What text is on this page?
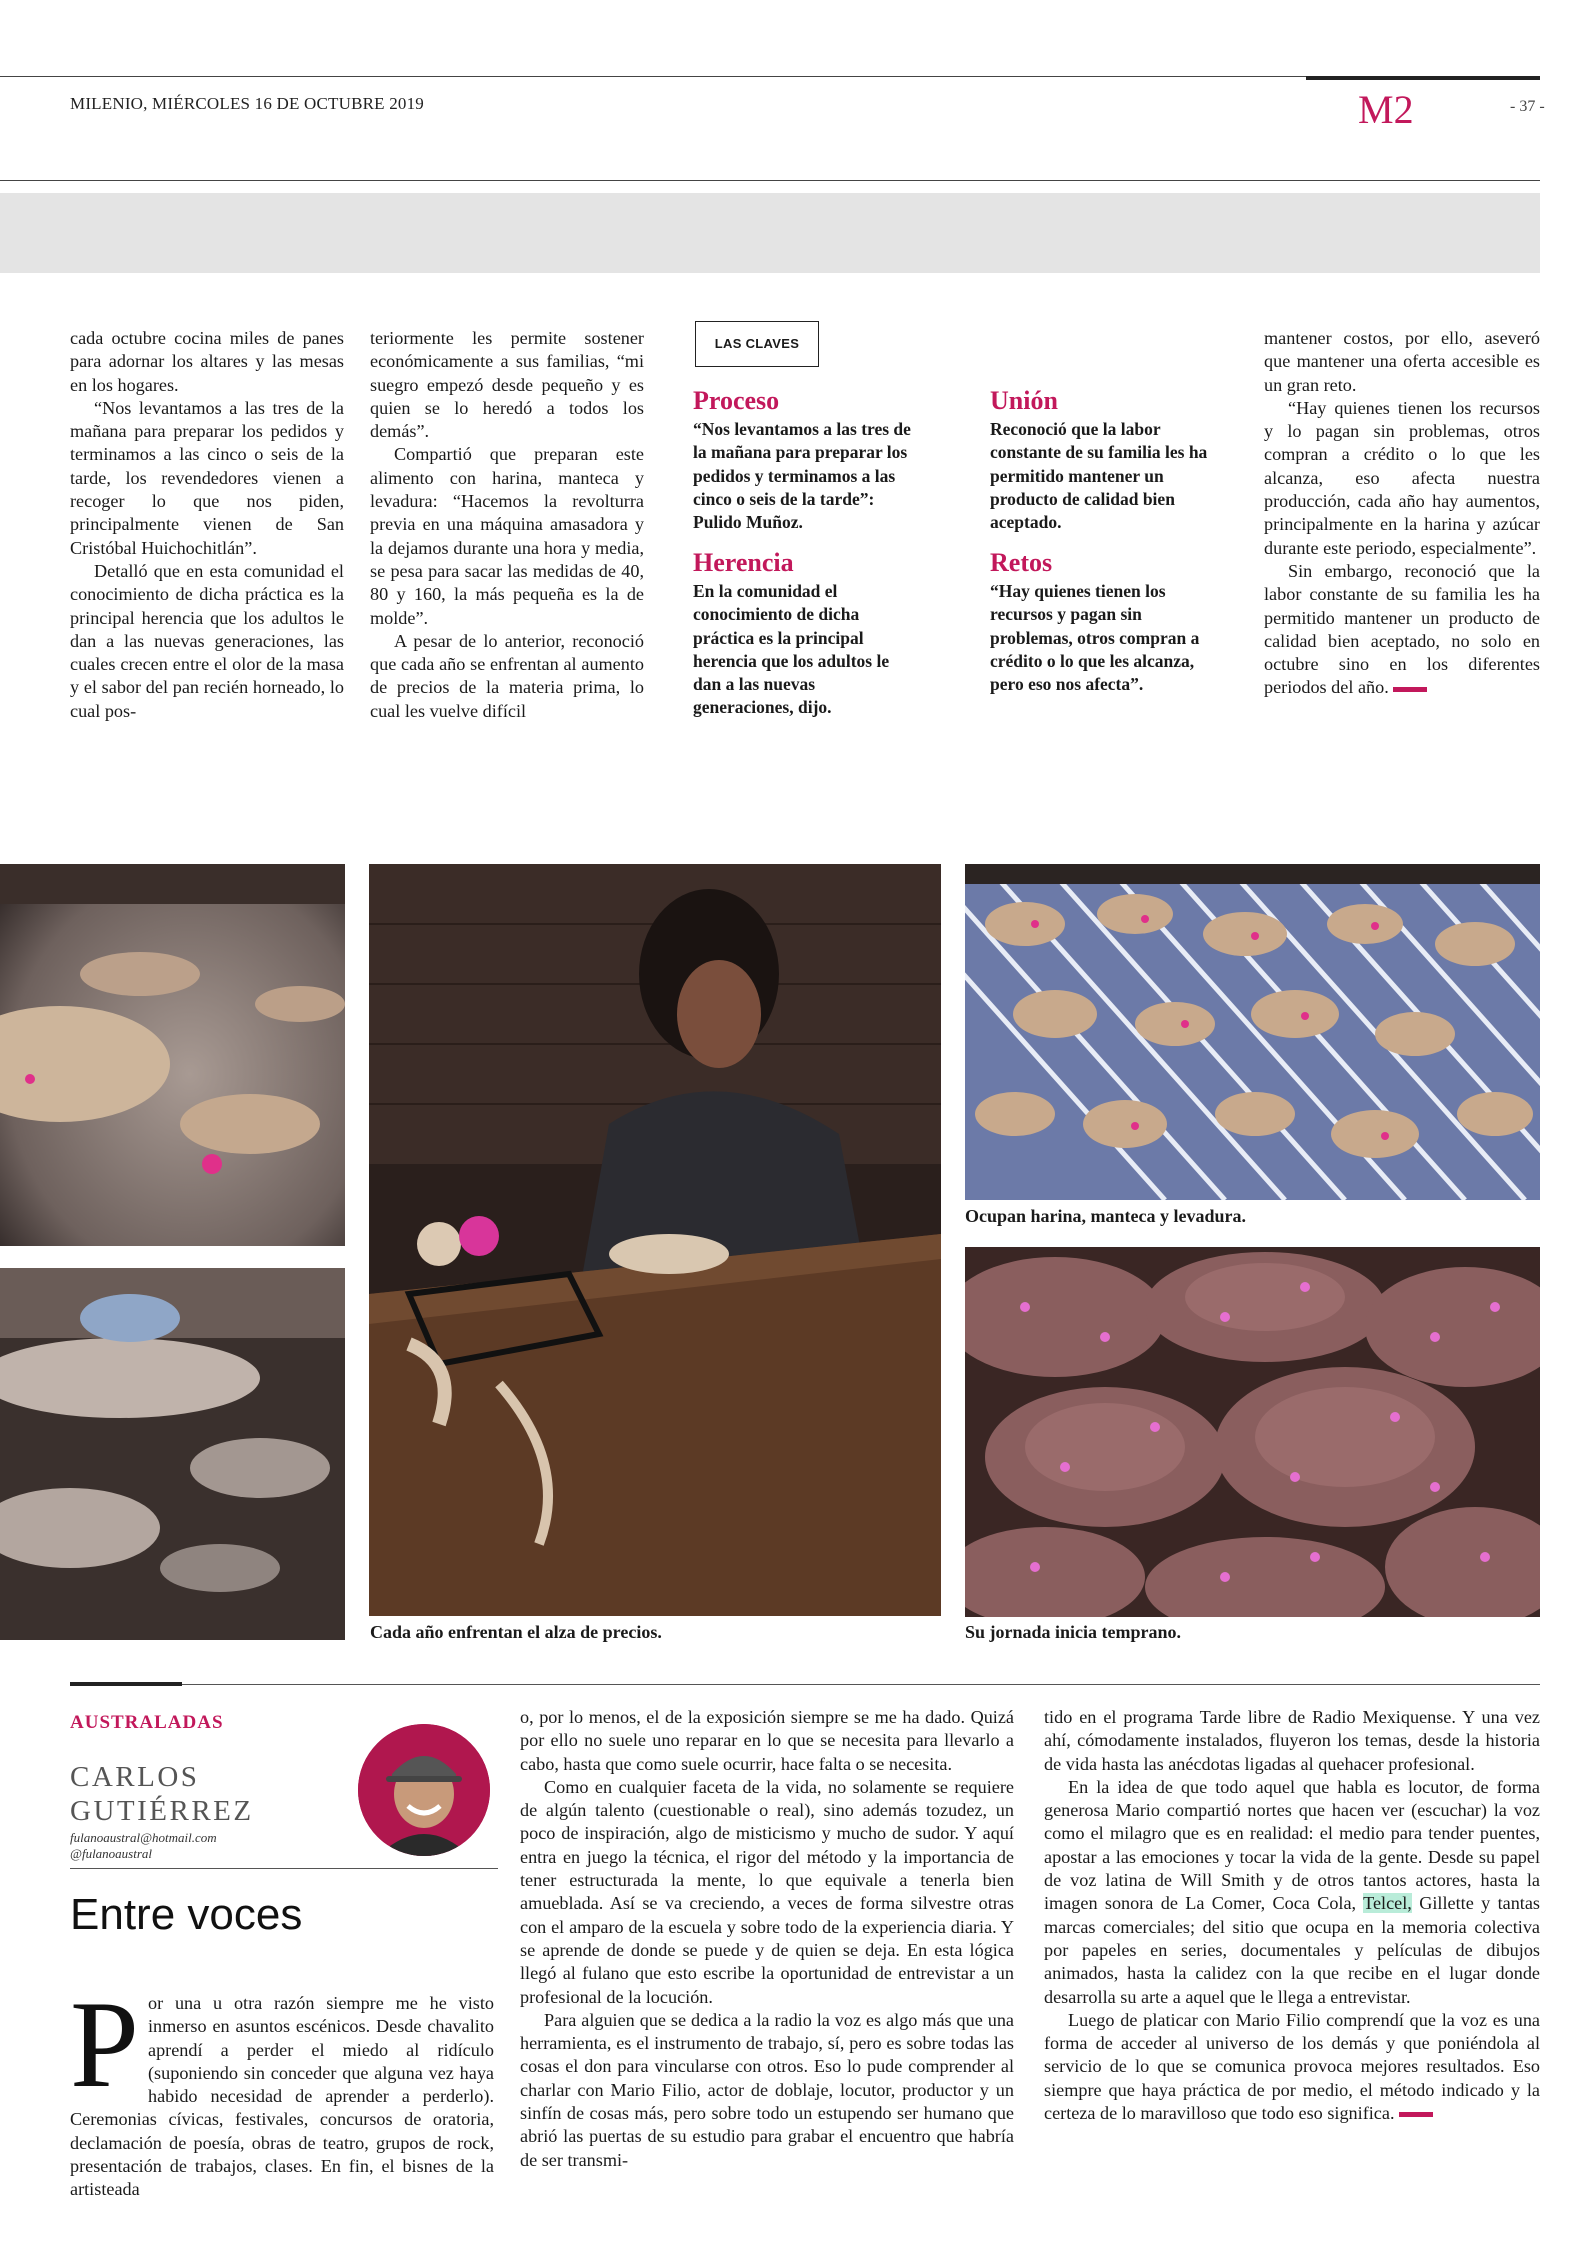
MILENIO, MIÉRCOLES 16 DE OCTUBRE 2019	M2	- 37 -

cada octubre cocina miles de panes para adornar los altares y las mesas en los hogares.

“Nos levantamos a las tres de la mañana para preparar los pedidos y terminamos a las cinco o seis de la tarde, los revendedores vienen a recoger lo que nos piden, principalmente vienen de San Cristóbal Huichochitlán”.

Detalló que en esta comunidad el conocimiento de dicha práctica es la principal herencia que los adultos le dan a las nuevas generaciones, las cuales crecen entre el olor de la masa y el sabor del pan recién horneado, lo cual pos-

teriormente les permite sostener económicamente a sus familias, “mi suegro empezó desde pequeño y es quien se lo heredó a todos los demás”.

Compartió que preparan este alimento con harina, manteca y levadura: “Hacemos la revolturra previa en una máquina amasadora y la dejamos durante una hora y media, se pesa para sacar las medidas de 40, 80 y 160, la más pequeña es la de molde”.

A pesar de lo anterior, reconoció que cada año se enfrentan al aumento de precios de la materia prima, lo cual les vuelve difícil

LAS CLAVES
Proceso
“Nos levantamos a las tres de la mañana para preparar los pedidos y terminamos a las cinco o seis de la tarde”: Pulido Muñoz.
Herencia
En la comunidad el conocimiento de dicha práctica es la principal herencia que los adultos le dan a las nuevas generaciones, dijo.
Unión
Reconoció que la labor constante de su familia les ha permitido mantener un producto de calidad bien aceptado.
Retos
“Hay quienes tienen los recursos y pagan sin problemas, otros compran a crédito o lo que les alcanza, pero eso nos afecta”.

mantener costos, por ello, aseveró que mantener una oferta accesible es un gran reto.

“Hay quienes tienen los recursos y lo pagan sin problemas, otros compran a crédito o lo que les alcanza, eso afecta nuestra producción, cada año hay aumentos, principalmente en la harina y azúcar durante este periodo, especialmente”.

Sin embargo, reconoció que la labor constante de su familia les ha permitido mantener un producto de calidad bien aceptado, no solo en octubre sino en los diferentes periodos del año.

Cada año enfrentan el alza de precios.
Ocupan harina, manteca y levadura.
Su jornada inicia temprano.
AUSTRALADAS
CARLOS
GUTIÉRREZ
fulanoaustral@hotmail.com
@fulanoaustral
Entre voces
P or una u otra razón siempre me he visto inmerso en asuntos escénicos. Desde chavalito aprendí a perder el miedo al ridículo (suponiendo sin conceder que alguna vez haya habido necesidad de aprender a perderlo). Ceremonias cívicas, festivales, concursos de oratoria, declamación de poesía, obras de teatro, grupos de rock, presentación de trabajos, clases. En fin, el bisnes de la artisteada

o, por lo menos, el de la exposición siempre se me ha dado. Quizá por ello no suele uno reparar en lo que se necesita para llevarlo a cabo, hasta que como suele ocurrir, hace falta o se necesita.

Como en cualquier faceta de la vida, no solamente se requiere de algún talento (cuestionable o real), sino además tozudez, un poco de inspiración, algo de misticismo y mucho de sudor. Y aquí entra en juego la técnica, el rigor del método y la importancia de tener estructurada la mente, lo que equivale a tenerla bien amueblada. Así se va creciendo, a veces de forma silvestre otras con el amparo de la escuela y sobre todo de la experiencia diaria. Y se aprende de donde se puede y de quien se deja. En esta lógica llegó al fulano que esto escribe la oportunidad de entrevistar a un profesional de la locución.

Para alguien que se dedica a la radio la voz es algo más que una herramienta, es el instrumento de trabajo, sí, pero es sobre todas las cosas el don para vincularse con otros. Eso lo pude comprender al charlar con Mario Filio, actor de doblaje, locutor, productor y un sinfín de cosas más, pero sobre todo un estupendo ser humano que abrió las puertas de su estudio para grabar el encuentro que habría de ser transmi-

tido en el programa Tarde libre de Radio Mexiquense. Y una vez ahí, cómodamente instalados, fluyeron los temas, desde la historia de vida hasta las anécdotas ligadas al quehacer profesional.

En la idea de que todo aquel que habla es locutor, de forma generosa Mario compartió nortes que hacen ver (escuchar) la voz como el milagro que es en realidad: el medio para tender puentes, apostar a las emociones y tocar la vida de la gente. Desde su papel de voz latina de Will Smith y de otros tantos actores, hasta la imagen sonora de La Comer, Coca Cola, Telcel, Gillette y tantas marcas comerciales; del sitio que ocupa en la memoria colectiva por papeles en series, documentales y películas de dibujos animados, hasta la calidez con la que recibe en el lugar donde desarrolla su arte a aquel que le llega a entrevistar.

Luego de platicar con Mario Filio comprendí que la voz es una forma de acceder al universo de los demás y que poniéndola al servicio de lo que se comunica provoca mejores resultados. Eso siempre que haya práctica de por medio, el método indicado y la certeza de lo maravilloso que todo eso significa.
